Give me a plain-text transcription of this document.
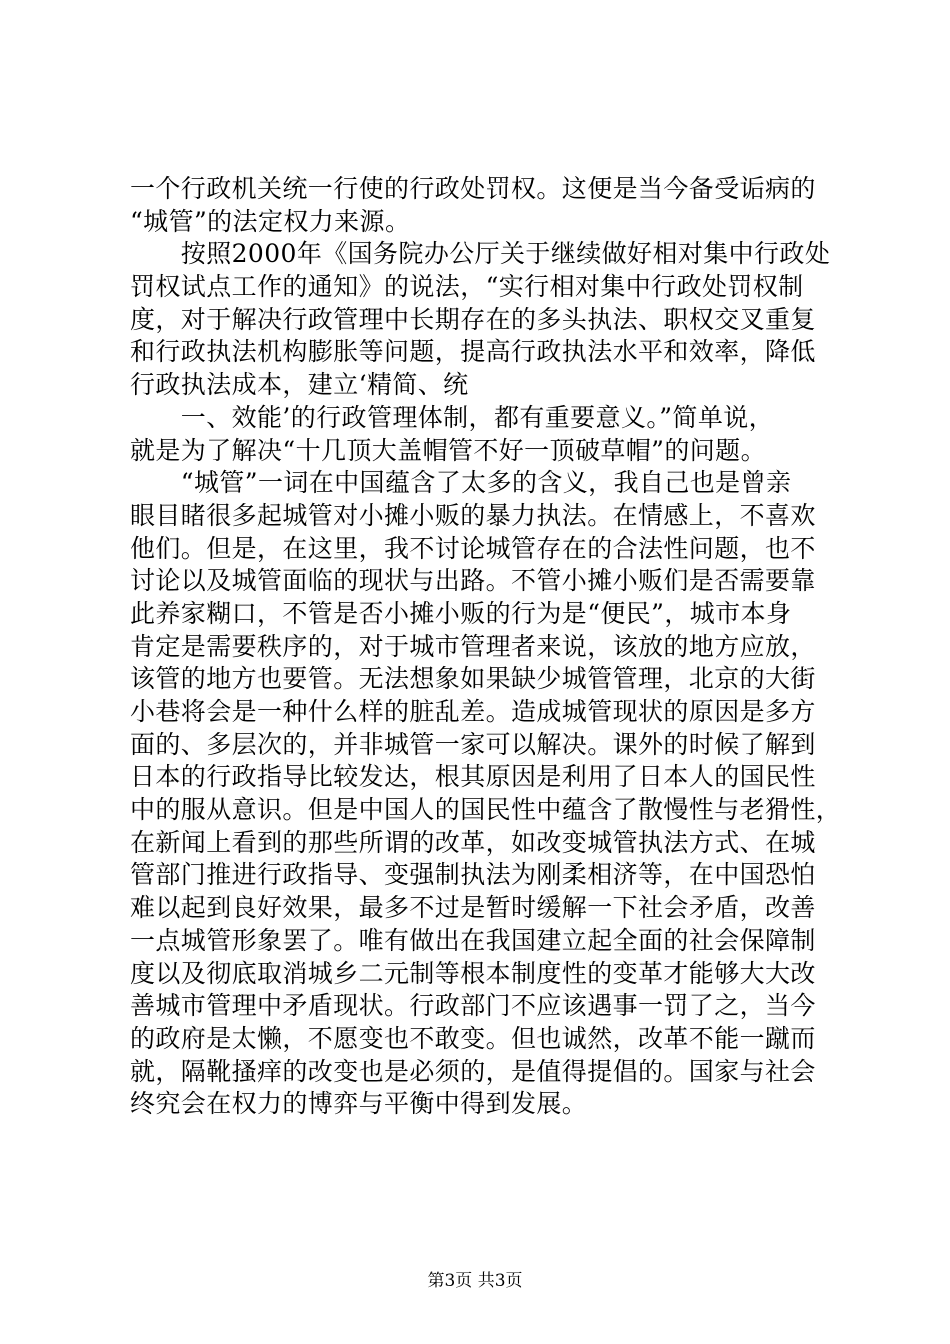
一个行政机关统一行使的行政处罚权。这便是当今备受诟病的
“城管”的法定权力来源。
　　按照2000年《国务院办公厅关于继续做好相对集中行政处
罚权试点工作的通知》的说法，“实行相对集中行政处罚权制
度，对于解决行政管理中长期存在的多头执法、职权交叉重复
和行政执法机构膨胀等问题，提高行政执法水平和效率，降低
行政执法成本，建立‘精简、统
　　一、效能’的行政管理体制，都有重要意义。”简单说，
就是为了解决“十几顶大盖帽管不好一顶破草帽”的问题。
　　“城管”一词在中国蕴含了太多的含义，我自己也是曾亲
眼目睹很多起城管对小摊小贩的暴力执法。在情感上，不喜欢
他们。但是，在这里，我不讨论城管存在的合法性问题，也不
讨论以及城管面临的现状与出路。不管小摊小贩们是否需要靠
此养家糊口，不管是否小摊小贩的行为是“便民”，城市本身
肯定是需要秩序的，对于城市管理者来说，该放的地方应放，
该管的地方也要管。无法想象如果缺少城管管理，北京的大街
小巷将会是一种什么样的脏乱差。造成城管现状的原因是多方
面的、多层次的，并非城管一家可以解决。课外的时候了解到
日本的行政指导比较发达，根其原因是利用了日本人的国民性
中的服从意识。但是中国人的国民性中蕴含了散慢性与老猾性，
在新闻上看到的那些所谓的改革，如改变城管执法方式、在城
管部门推进行政指导、变强制执法为刚柔相济等，在中国恐怕
难以起到良好效果，最多不过是暂时缓解一下社会矛盾，改善
一点城管形象罢了。唯有做出在我国建立起全面的社会保障制
度以及彻底取消城乡二元制等根本制度性的变革才能够大大改
善城市管理中矛盾现状。行政部门不应该遇事一罚了之，当今
的政府是太懒，不愿变也不敢变。但也诚然，改革不能一蹴而
就，隔靴搔痒的改变也是必须的，是值得提倡的。国家与社会
终究会在权力的博弈与平衡中得到发展。
第3页 共3页
